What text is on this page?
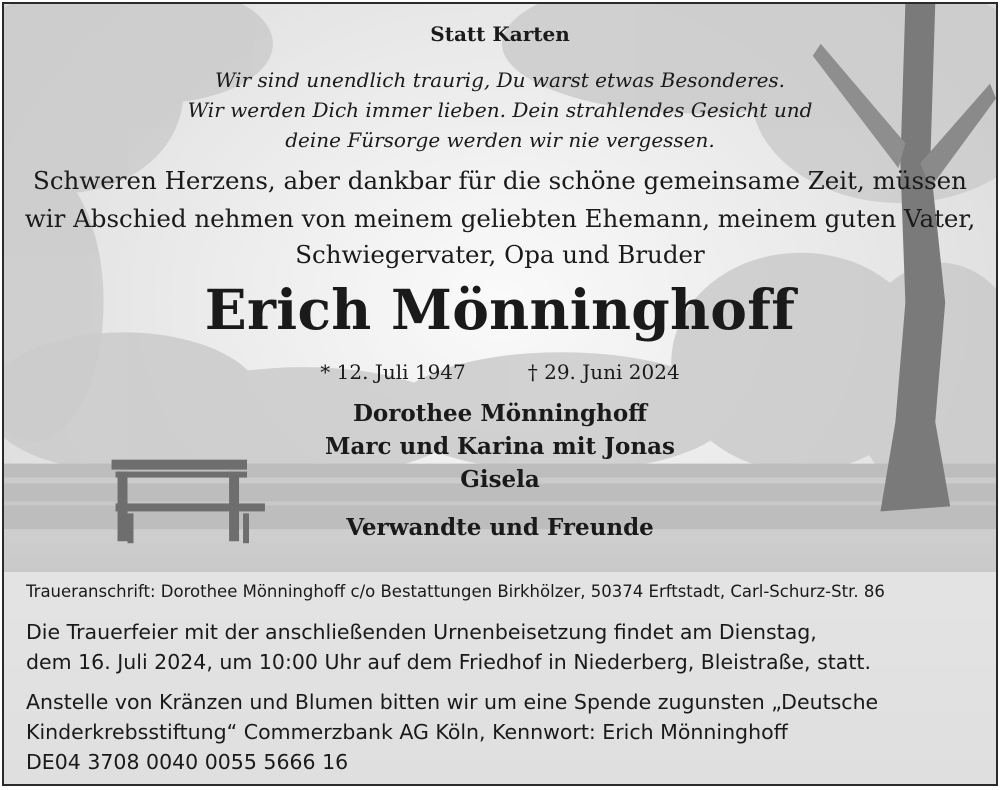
Statt Karten
Wir sind unendlich traurig, Du warst etwas Besonderes.
Wir werden Dich immer lieben. Dein strahlendes Gesicht und
deine Fürsorge werden wir nie vergessen.
Schweren Herzens, aber dankbar für die schöne gemeinsame Zeit, müssen
wir Abschied nehmen von meinem geliebten Ehemann, meinem guten Vater,
Schwiegervater, Opa und Bruder
Erich Mönninghoff
* 12. Juli 1947	† 29. Juni 2024
Dorothee Mönninghoff
Marc und Karina mit Jonas
Gisela
Verwandte und Freunde
Traueranschrift: Dorothee Mönninghoff c/o Bestattungen Birkhölzer, 50374 Erftstadt, Carl-Schurz-Str. 86
Die Trauerfeier mit der anschließenden Urnenbeisetzung findet am Dienstag,
dem 16. Juli 2024, um 10:00 Uhr auf dem Friedhof in Niederberg, Bleistraße, statt.
Anstelle von Kränzen und Blumen bitten wir um eine Spende zugunsten „Deutsche
Kinderkrebsstiftung“ Commerzbank AG Köln, Kennwort: Erich Mönninghoff
DE04 3708 0040 0055 5666 16
